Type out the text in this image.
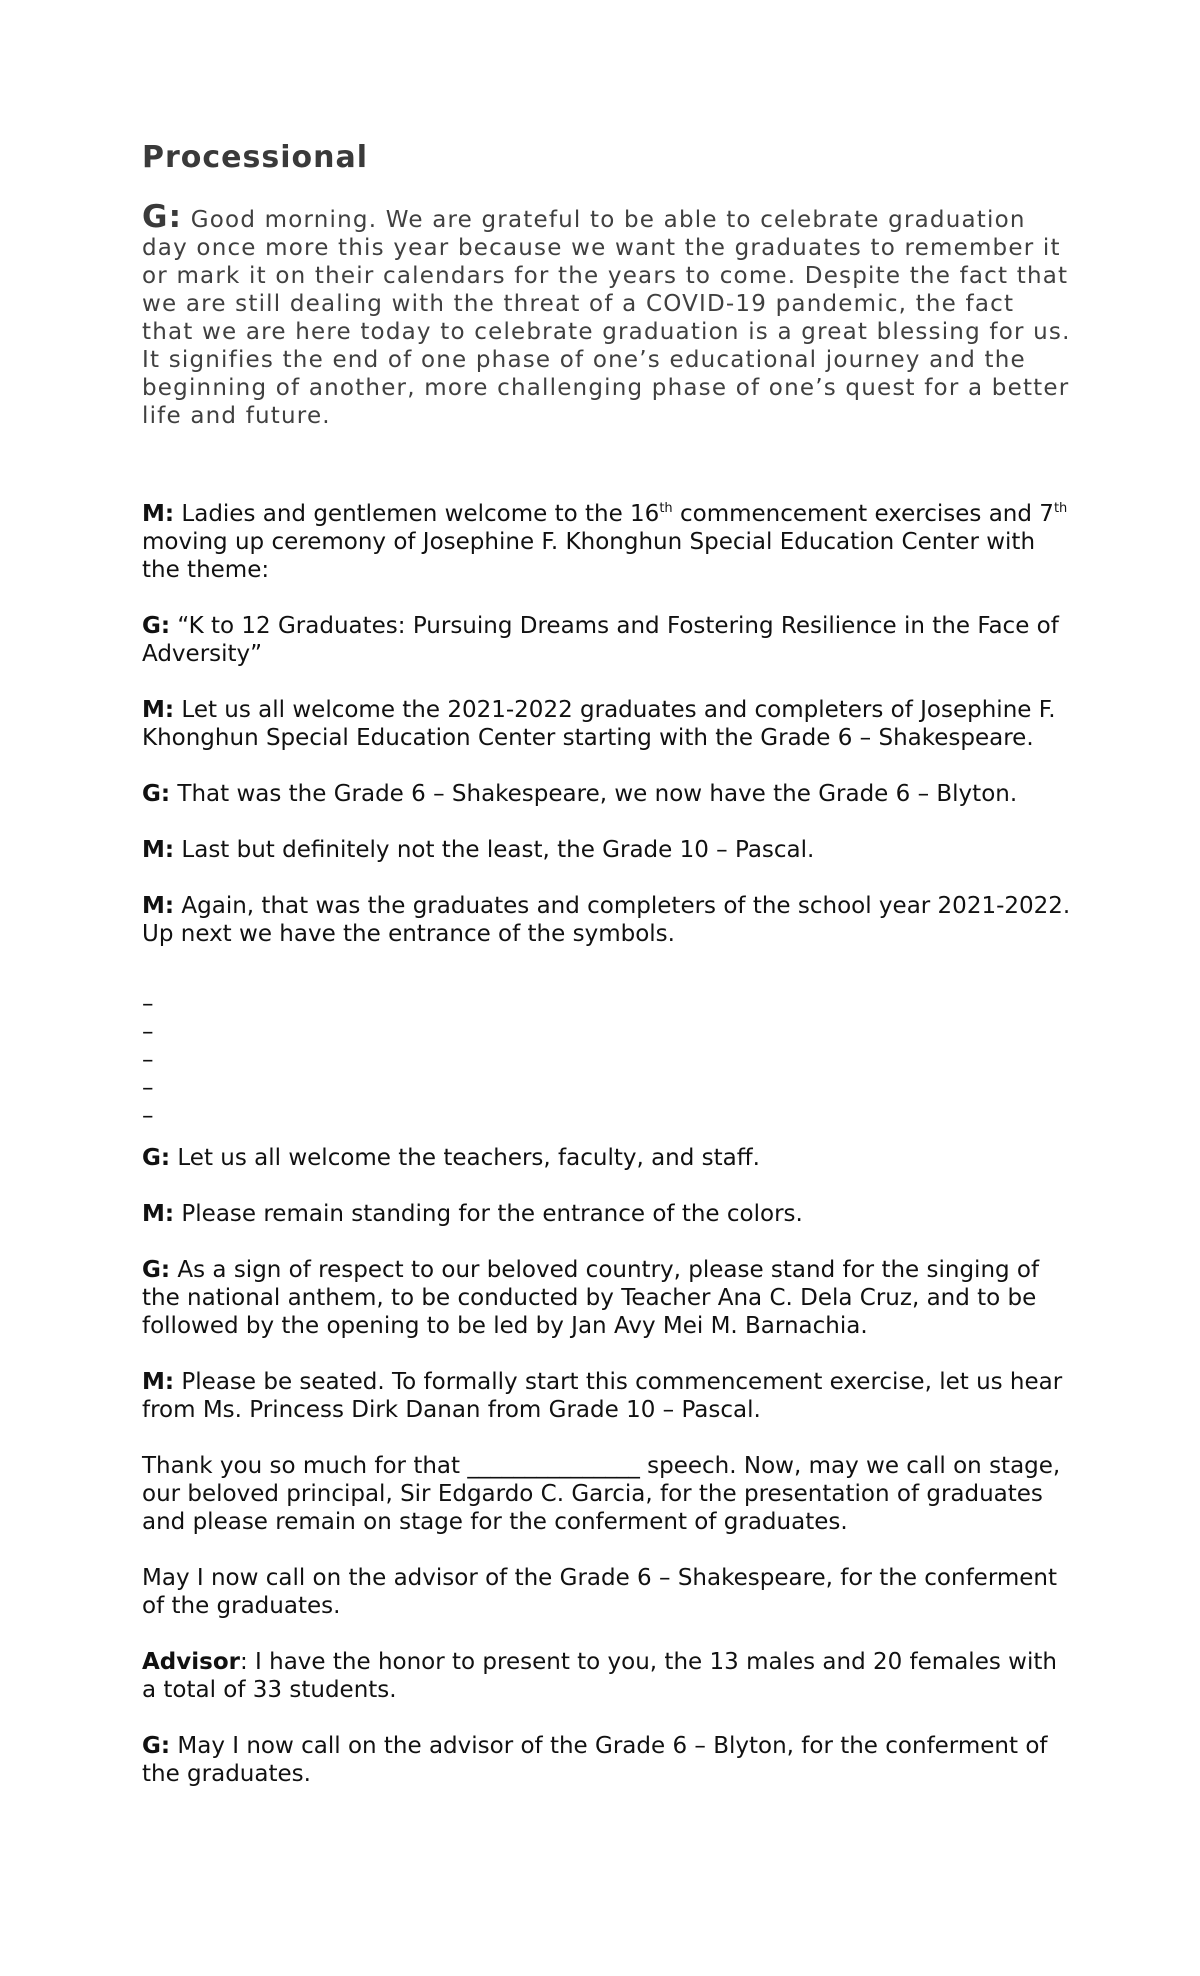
Processional

G: Good morning. We are grateful to be able to celebrate graduation day once more this year because we want the graduates to remember it or mark it on their calendars for the years to come. Despite the fact that we are still dealing with the threat of a COVID-19 pandemic, the fact that we are here today to celebrate graduation is a great blessing for us. It signifies the end of one phase of one’s educational journey and the beginning of another, more challenging phase of one’s quest for a better life and future.

M: Ladies and gentlemen welcome to the 16th commencement exercises and 7th moving up ceremony of Josephine F. Khonghun Special Education Center with the theme:

G: “K to 12 Graduates: Pursuing Dreams and Fostering Resilience in the Face of Adversity”

M: Let us all welcome the 2021-2022 graduates and completers of Josephine F. Khonghun Special Education Center starting with the Grade 6 – Shakespeare.

G: That was the Grade 6 – Shakespeare, we now have the Grade 6 – Blyton.

M: Last but definitely not the least, the Grade 10 – Pascal.

M: Again, that was the graduates and completers of the school year 2021-2022. Up next we have the entrance of the symbols.

–
–
–
–
–

G: Let us all welcome the teachers, faculty, and staff.

M: Please remain standing for the entrance of the colors.

G: As a sign of respect to our beloved country, please stand for the singing of the national anthem, to be conducted by Teacher Ana C. Dela Cruz, and to be followed by the opening to be led by Jan Avy Mei M. Barnachia.

M: Please be seated. To formally start this commencement exercise, let us hear from Ms. Princess Dirk Danan from Grade 10 – Pascal.

Thank you so much for that _______________ speech. Now, may we call on stage, our beloved principal, Sir Edgardo C. Garcia, for the presentation of graduates and please remain on stage for the conferment of graduates.

May I now call on the advisor of the Grade 6 – Shakespeare, for the conferment of the graduates.

Advisor: I have the honor to present to you, the 13 males and 20 females with a total of 33 students.

G: May I now call on the advisor of the Grade 6 – Blyton, for the conferment of the graduates.
